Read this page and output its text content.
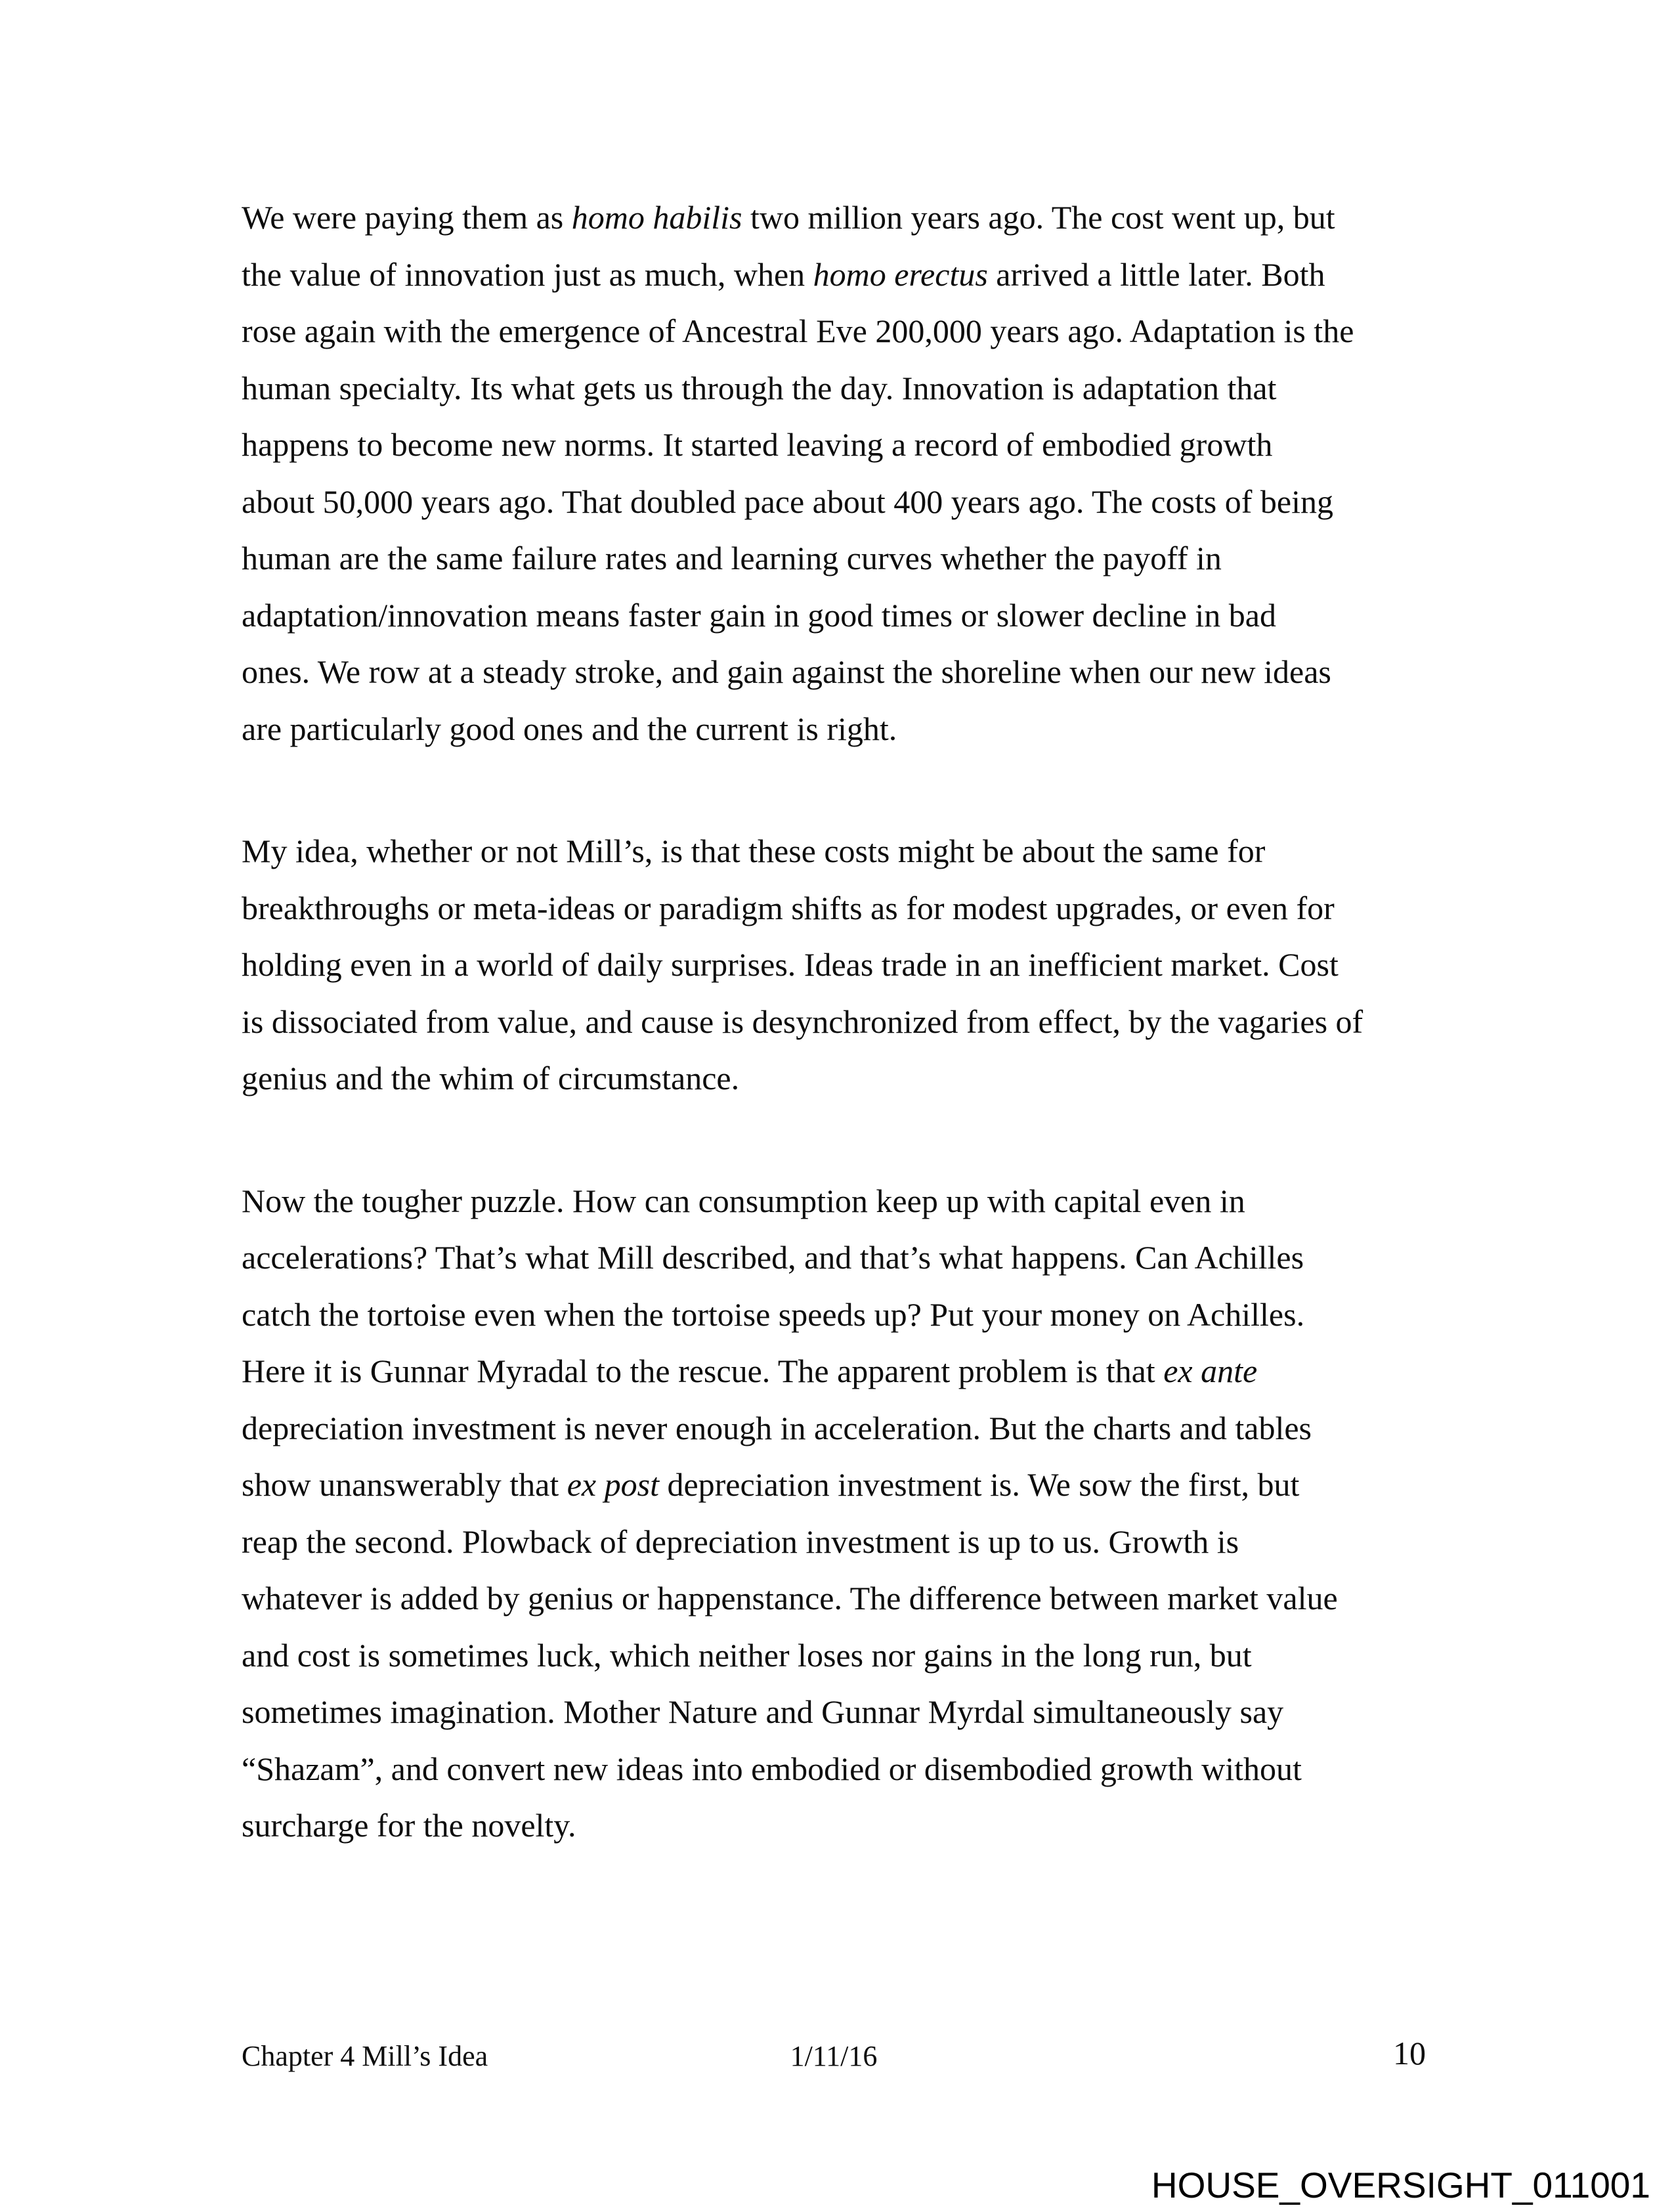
We were paying them as homo habilis two million years ago. The cost went up, but
the value of innovation just as much, when homo erectus arrived a little later. Both
rose again with the emergence of Ancestral Eve 200,000 years ago. Adaptation is the
human specialty. Its what gets us through the day. Innovation is adaptation that
happens to become new norms. It started leaving a record of embodied growth
about 50,000 years ago. That doubled pace about 400 years ago. The costs of being
human are the same failure rates and learning curves whether the payoff in
adaptation/innovation means faster gain in good times or slower decline in bad
ones. We row at a steady stroke, and gain against the shoreline when our new ideas
are particularly good ones and the current is right.
My idea, whether or not Mill’s, is that these costs might be about the same for
breakthroughs or meta-ideas or paradigm shifts as for modest upgrades, or even for
holding even in a world of daily surprises. Ideas trade in an inefficient market. Cost
is dissociated from value, and cause is desynchronized from effect, by the vagaries of
genius and the whim of circumstance.
Now the tougher puzzle. How can consumption keep up with capital even in
accelerations? That’s what Mill described, and that’s what happens. Can Achilles
catch the tortoise even when the tortoise speeds up? Put your money on Achilles.
Here it is Gunnar Myradal to the rescue. The apparent problem is that ex ante
depreciation investment is never enough in acceleration. But the charts and tables
show unanswerably that ex post depreciation investment is. We sow the first, but
reap the second. Plowback of depreciation investment is up to us. Growth is
whatever is added by genius or happenstance. The difference between market value
and cost is sometimes luck, which neither loses nor gains in the long run, but
sometimes imagination. Mother Nature and Gunnar Myrdal simultaneously say
“Shazam”, and convert new ideas into embodied or disembodied growth without
surcharge for the novelty.
Chapter 4 Mill’s Idea	1/11/16	10
HOUSE_OVERSIGHT_011001
